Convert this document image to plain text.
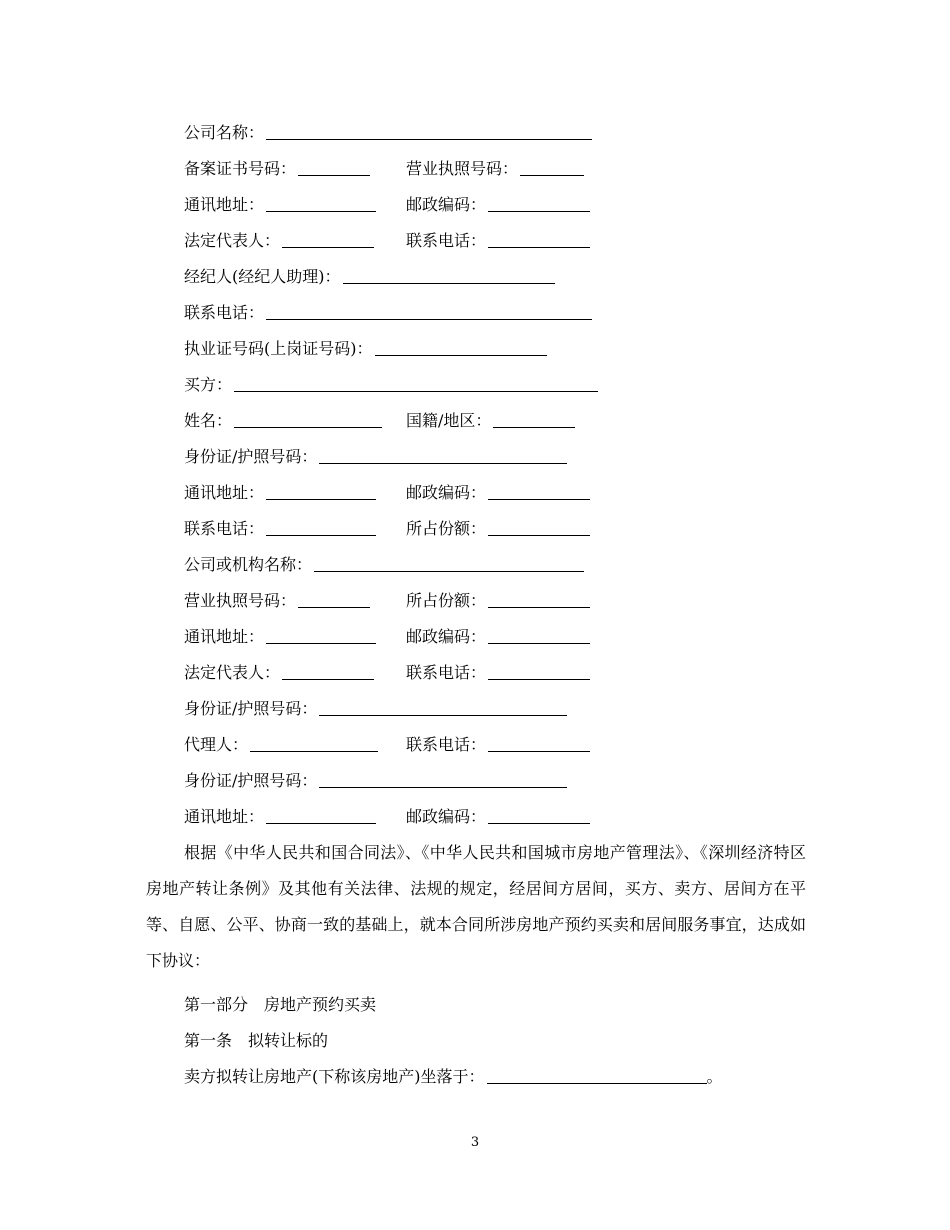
公司名称：
备案证书号码：	营业执照号码：
通讯地址：	邮政编码：
法定代表人：	联系电话：
经纪人(经纪人助理)：
联系电话：
执业证号码(上岗证号码)：
买方：
姓名：	国籍/地区：
身份证/护照号码：
通讯地址：	邮政编码：
联系电话：	所占份额：
公司或机构名称：
营业执照号码：	所占份额：
通讯地址：	邮政编码：
法定代表人：	联系电话：
身份证/护照号码：
代理人：	联系电话：
身份证/护照号码：
通讯地址：	邮政编码：
根据《中华人民共和国合同法》、《中华人民共和国城市房地产管理法》、《深圳经济特区房地产转让条例》及其他有关法律、法规的规定，经居间方居间，买方、卖方、居间方在平等、自愿、公平、协商一致的基础上，就本合同所涉房地产预约买卖和居间服务事宜，达成如下协议：
第一部分　房地产预约买卖
第一条　拟转让标的
卖方拟转让房地产(下称该房地产)坐落于：	。
3
